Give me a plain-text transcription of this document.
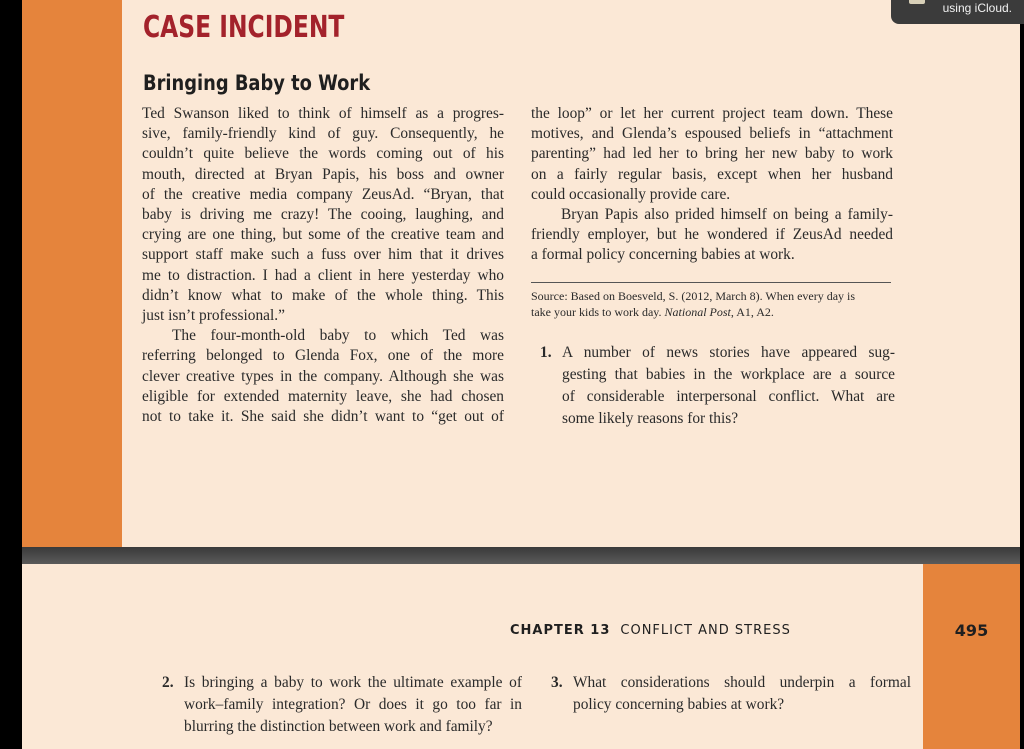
CASE INCIDENT
Bringing Baby to Work
Ted Swanson liked to think of himself as a progres-
sive, family-friendly kind of guy. Consequently, he
couldn’t quite believe the words coming out of his
mouth, directed at Bryan Papis, his boss and owner
of the creative media company ZeusAd. “Bryan, that
baby is driving me crazy! The cooing, laughing, and
crying are one thing, but some of the creative team and
support staff make such a fuss over him that it drives
me to distraction. I had a client in here yesterday who
didn’t know what to make of the whole thing. This
just isn’t professional.”
The four-month-old baby to which Ted was
referring belonged to Glenda Fox, one of the more
clever creative types in the company. Although she was
eligible for extended maternity leave, she had chosen
not to take it. She said she didn’t want to “get out of
the loop” or let her current project team down. These
motives, and Glenda’s espoused beliefs in “attachment
parenting” had led her to bring her new baby to work
on a fairly regular basis, except when her husband
could occasionally provide care.
Bryan Papis also prided himself on being a family-
friendly employer, but he wondered if ZeusAd needed
a formal policy concerning babies at work.
Source: Based on Boesveld, S. (2012, March 8). When every day is
take your kids to work day. National Post, A1, A2.
1. A number of news stories have appeared sug-
gesting that babies in the workplace are a source
of considerable interpersonal conflict. What are
some likely reasons for this?
495
CHAPTER 13 CONFLICT AND STRESS
2. Is bringing a baby to work the ultimate example of
work–family integration? Or does it go too far in
blurring the distinction between work and family?
3. What considerations should underpin a formal
policy concerning babies at work?
using iCloud.
